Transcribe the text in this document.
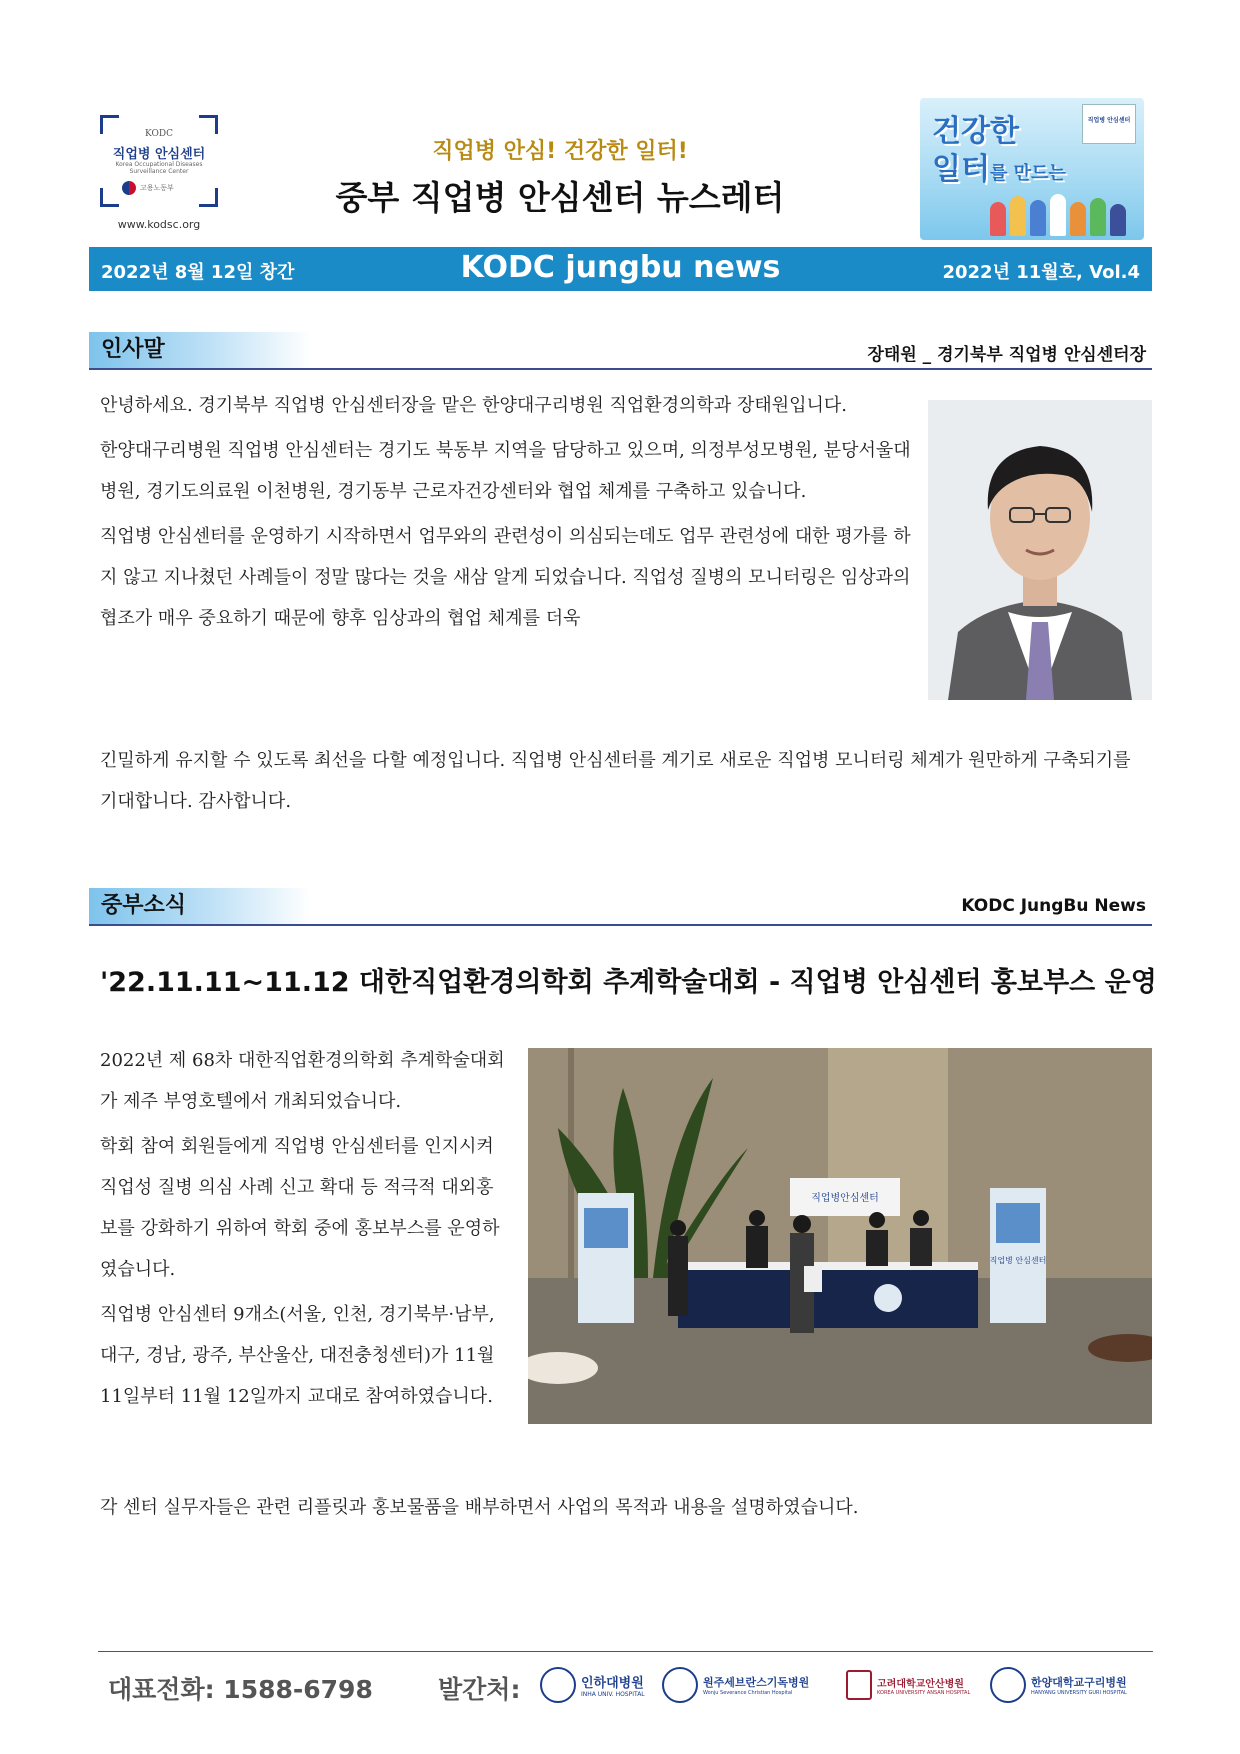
KODC
직업병 안심센터
Korea Occupational Diseases Surveillance Center
고용노동부
www.kodsc.org
직업병 안심! 건강한 일터!
중부 직업병 안심센터 뉴스레터
건강한
일터를 만드는
직업병 안심센터
2022년 8월 12일 창간	KODC jungbu news	2022년 11월호, Vol.4
인사말	장태원 _ 경기북부 직업병 안심센터장

안녕하세요. 경기북부 직업병 안심센터장을 맡은 한양대구리병원 직업환경의학과 장태원입니다.

한양대구리병원 직업병 안심센터는 경기도 북동부 지역을 담당하고 있으며, 의정부성모병원, 분당서울대병원, 경기도의료원 이천병원, 경기동부 근로자건강센터와 협업 체계를 구축하고 있습니다.

직업병 안심센터를 운영하기 시작하면서 업무와의 관련성이 의심되는데도 업무 관련성에 대한 평가를 하지 않고 지나쳤던 사례들이 정말 많다는 것을 새삼 알게 되었습니다. 직업성 질병의 모니터링은 임상과의 협조가 매우 중요하기 때문에 향후 임상과의 협업 체계를 더욱

긴밀하게 유지할 수 있도록 최선을 다할 예정입니다. 직업병 안심센터를 계기로 새로운 직업병 모니터링 체계가 원만하게 구축되기를 기대합니다. 감사합니다.

중부소식	KODC JungBu News
'22.11.11~11.12 대한직업환경의학회 추계학술대회 - 직업병 안심센터 홍보부스 운영

2022년 제 68차 대한직업환경의학회 추계학술대회가 제주 부영호텔에서 개최되었습니다.

학회 참여 회원들에게 직업병 안심센터를 인지시켜 직업성 질병 의심 사례 신고 확대 등 적극적 대외홍보를 강화하기 위하여 학회 중에 홍보부스를 운영하였습니다.

직업병 안심센터 9개소(서울, 인천, 경기북부·남부, 대구, 경남, 광주, 부산울산, 대전충청센터)가 11월 11일부터 11월 12일까지 교대로 참여하였습니다.

각 센터 실무자들은 관련 리플릿과 홍보물품을 배부하면서 사업의 목적과 내용을 설명하였습니다.
직업병안심센터
직업병 안심센터
대표전화: 1588-6798	발간처:	인하대병원
INHA UNIV. HOSPITAL
원주세브란스기독병원
Wonju Severance Christian Hospital
고려대학교안산병원
KOREA UNIVERSITY ANSAN HOSPITAL
한양대학교구리병원
HANYANG UNIVERSITY GURI HOSPITAL
